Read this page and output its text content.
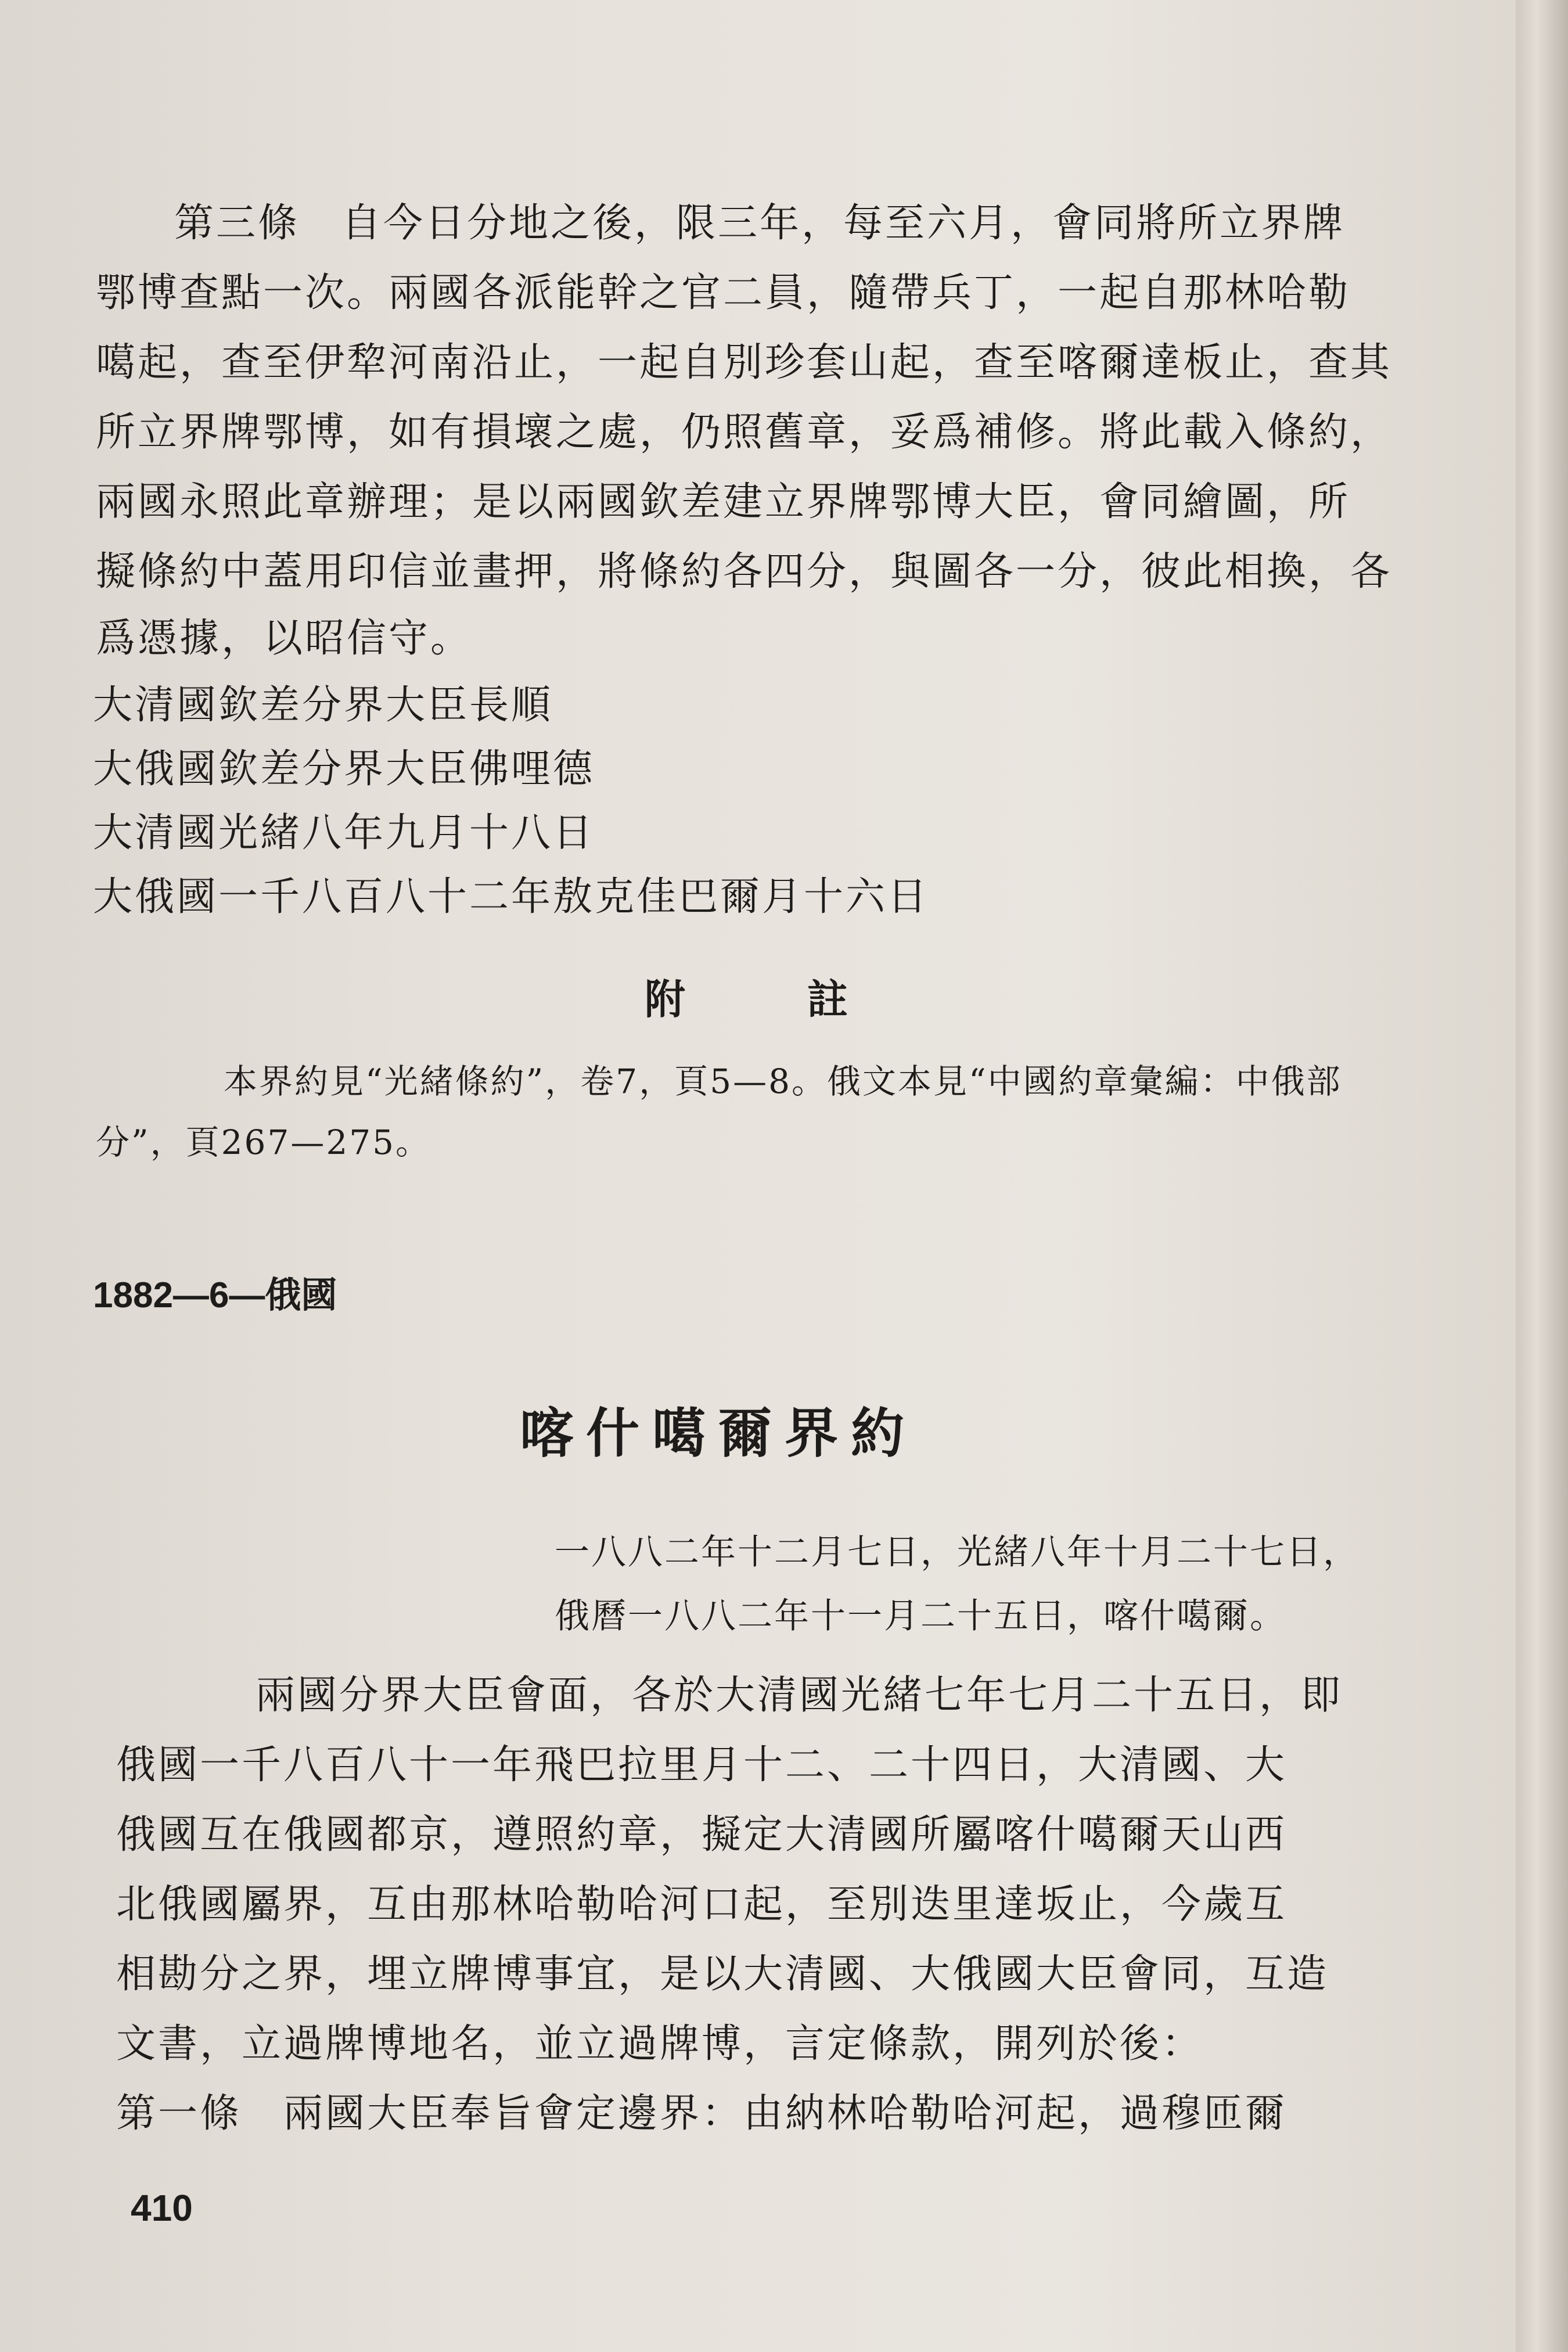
第三條　自今日分地之後，限三年，每至六月，會同將所立界牌
鄂博查點一次。兩國各派能幹之官二員，隨帶兵丁，一起自那林哈勒
噶起，查至伊犂河南沿止，一起自別珍套山起，查至喀爾達板止，查其
所立界牌鄂博，如有損壞之處，仍照舊章，妥爲補修。將此載入條約，
兩國永照此章辦理；是以兩國欽差建立界牌鄂博大臣，會同繪圖，所
擬條約中蓋用印信並畫押，將條約各四分，與圖各一分，彼此相換，各
爲憑據，以昭信守。
大清國欽差分界大臣長順
大俄國欽差分界大臣佛哩德
大清國光緒八年九月十八日
大俄國一千八百八十二年敖克佳巴爾月十六日
附註
本界約見“光緒條約”，卷7，頁5—8。俄文本見“中國約章彙編：中俄部
分”，頁267—275。
1882—6—俄國
喀什噶爾界約
一八八二年十二月七日，光緒八年十月二十七日，
俄曆一八八二年十一月二十五日，喀什噶爾。
兩國分界大臣會面，各於大清國光緒七年七月二十五日，即
俄國一千八百八十一年飛巴拉里月十二、二十四日，大清國、大
俄國互在俄國都京，遵照約章，擬定大清國所屬喀什噶爾天山西
北俄國屬界，互由那林哈勒哈河口起，至別迭里達坂止，今歲互
相勘分之界，埋立牌博事宜，是以大清國、大俄國大臣會同，互造
文書，立過牌博地名，並立過牌博，言定條款，開列於後：
第一條　兩國大臣奉旨會定邊界：由納林哈勒哈河起，過穆匝爾
410
